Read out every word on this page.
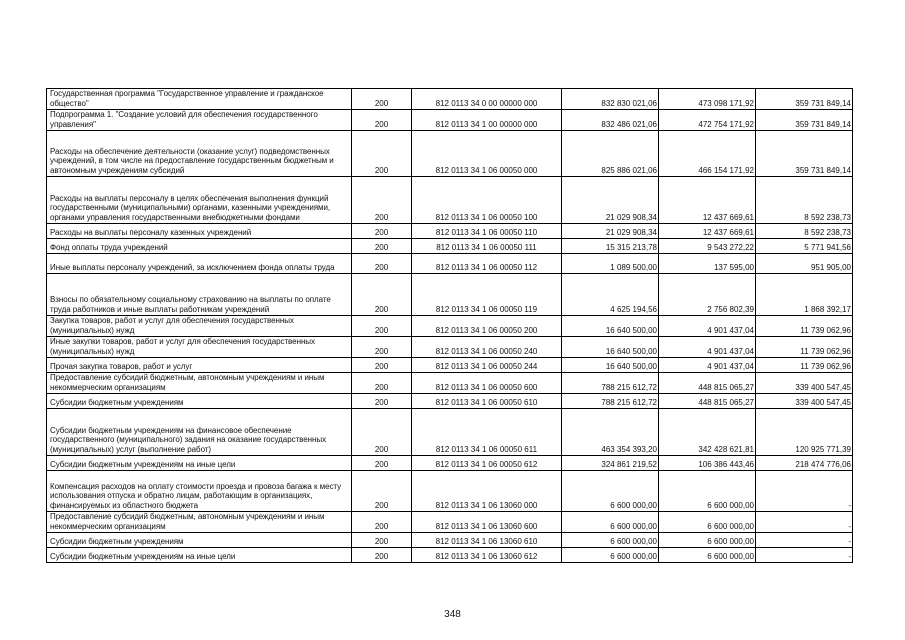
Государственная программа "Государственное управление и гражданское общество"	200	812 0113 34 0 00 00000 000	832 830 021,06	473 098 171,92	359 731 849,14
Подпрограмма 1. "Создание условий для обеспечения государственного управления"	200	812 0113 34 1 00 00000 000	832 486 021,06	472 754 171,92	359 731 849,14
Расходы на обеспечение деятельности (оказание услуг) подведомственных учреждений, в том числе на предоставление государственным бюджетным и автономным учреждениям субсидий	200	812 0113 34 1 06 00050 000	825 886 021,06	466 154 171,92	359 731 849,14
Расходы на выплаты персоналу в целях обеспечения выполнения функций государственными (муниципальными) органами, казенными учреждениями, органами управления государственными внебюджетными фондами	200	812 0113 34 1 06 00050 100	21 029 908,34	12 437 669,61	8 592 238,73
Расходы на выплаты персоналу казенных учреждений	200	812 0113 34 1 06 00050 110	21 029 908,34	12 437 669,61	8 592 238,73
Фонд оплаты труда учреждений	200	812 0113 34 1 06 00050 111	15 315 213,78	9 543 272,22	5 771 941,56
Иные выплаты персоналу учреждений, за исключением фонда оплаты труда	200	812 0113 34 1 06 00050 112	1 089 500,00	137 595,00	951 905,00
Взносы по обязательному социальному страхованию на выплаты по оплате труда работников и иные выплаты работникам учреждений	200	812 0113 34 1 06 00050 119	4 625 194,56	2 756 802,39	1 868 392,17
Закупка товаров, работ и услуг для обеспечения государственных (муниципальных) нужд	200	812 0113 34 1 06 00050 200	16 640 500,00	4 901 437,04	11 739 062,96
Иные закупки товаров, работ и услуг для обеспечения государственных (муниципальных) нужд	200	812 0113 34 1 06 00050 240	16 640 500,00	4 901 437,04	11 739 062,96
Прочая закупка товаров, работ и услуг	200	812 0113 34 1 06 00050 244	16 640 500,00	4 901 437,04	11 739 062,96
Предоставление субсидий бюджетным, автономным учреждениям и иным некоммерческим организациям	200	812 0113 34 1 06 00050 600	788 215 612,72	448 815 065,27	339 400 547,45
Субсидии бюджетным учреждениям	200	812 0113 34 1 06 00050 610	788 215 612,72	448 815 065,27	339 400 547,45
Субсидии бюджетным учреждениям на финансовое обеспечение государственного (муниципального) задания на оказание государственных (муниципальных) услуг (выполнение работ)	200	812 0113 34 1 06 00050 611	463 354 393,20	342 428 621,81	120 925 771,39
Субсидии бюджетным учреждениям на иные цели	200	812 0113 34 1 06 00050 612	324 861 219,52	106 386 443,46	218 474 776,06
Компенсация расходов на оплату стоимости проезда и провоза багажа к месту использования отпуска и обратно лицам, работающим в организациях, финансируемых из областного бюджета	200	812 0113 34 1 06 13060 000	6 600 000,00	6 600 000,00	-
Предоставление субсидий бюджетным, автономным учреждениям и иным некоммерческим организациям	200	812 0113 34 1 06 13060 600	6 600 000,00	6 600 000,00	-
Субсидии бюджетным учреждениям	200	812 0113 34 1 06 13060 610	6 600 000,00	6 600 000,00	-
Субсидии бюджетным учреждениям на иные цели	200	812 0113 34 1 06 13060 612	6 600 000,00	6 600 000,00	-
348
